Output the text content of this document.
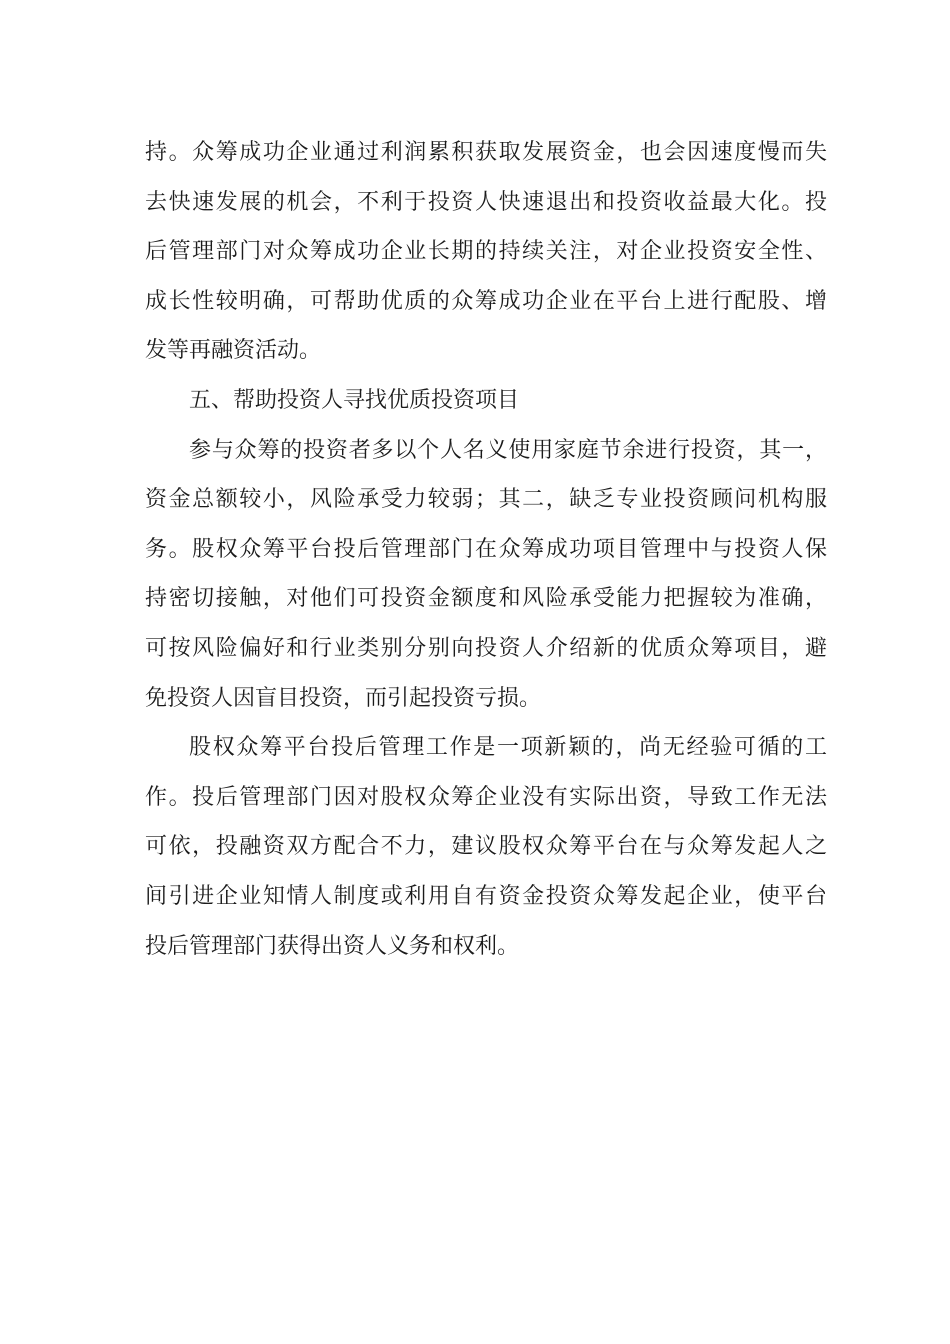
持。众筹成功企业通过利润累积获取发展资金，也会因速度慢而失
去快速发展的机会，不利于投资人快速退出和投资收益最大化。投
后管理部门对众筹成功企业长期的持续关注，对企业投资安全性、
成长性较明确，可帮助优质的众筹成功企业在平台上进行配股、增
发等再融资活动。
五、帮助投资人寻找优质投资项目
参与众筹的投资者多以个人名义使用家庭节余进行投资，其一，
资金总额较小，风险承受力较弱；其二，缺乏专业投资顾问机构服
务。股权众筹平台投后管理部门在众筹成功项目管理中与投资人保
持密切接触，对他们可投资金额度和风险承受能力把握较为准确，
可按风险偏好和行业类别分别向投资人介绍新的优质众筹项目，避
免投资人因盲目投资，而引起投资亏损。
股权众筹平台投后管理工作是一项新颖的，尚无经验可循的工
作。投后管理部门因对股权众筹企业没有实际出资，导致工作无法
可依，投融资双方配合不力，建议股权众筹平台在与众筹发起人之
间引进企业知情人制度或利用自有资金投资众筹发起企业，使平台
投后管理部门获得出资人义务和权利。
